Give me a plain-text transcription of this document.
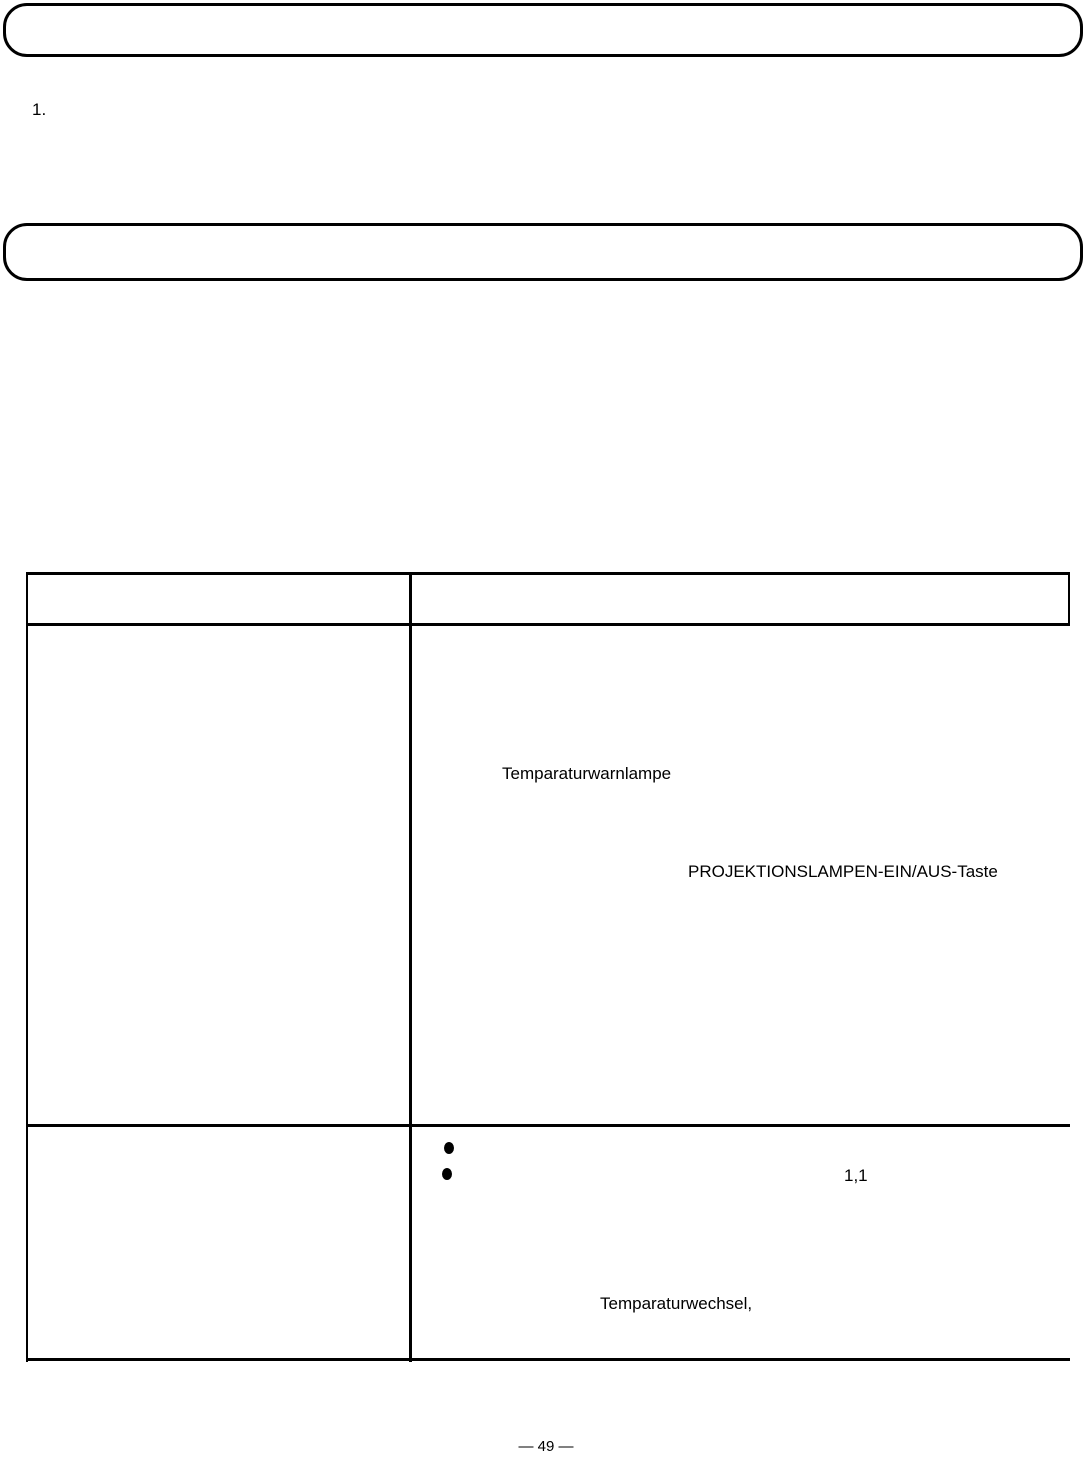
1.
Temparaturwarnlampe
PROJEKTIONSLAMPEN-EIN/AUS-Taste
1,1
Temparaturwechsel,
— 49 —
